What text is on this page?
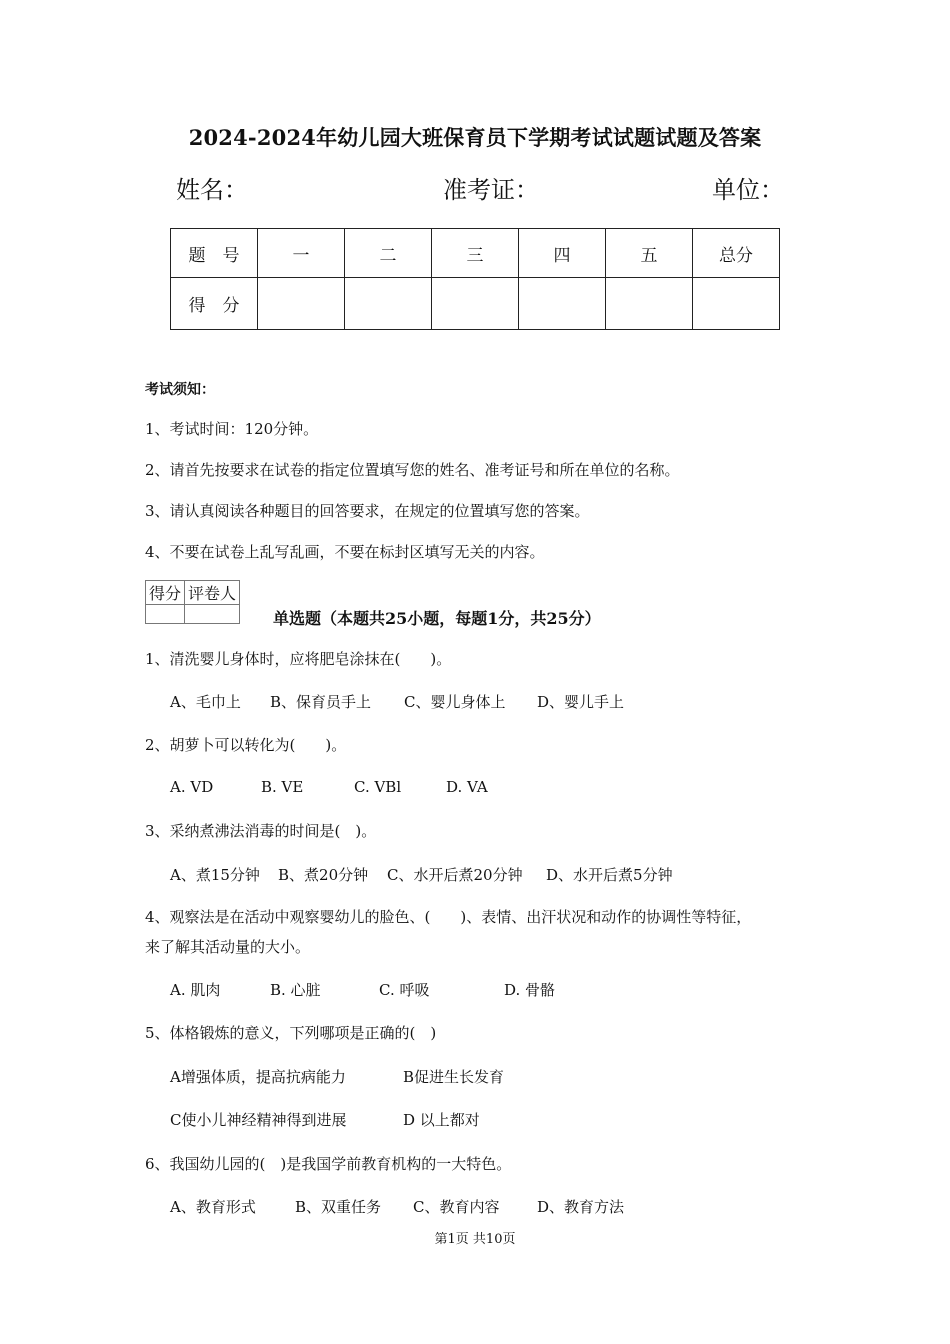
2024-2024年幼儿园大班保育员下学期考试试题试题及答案
姓名：	准考证：	单位：
题　号	一	二	三	四	五	总分
得　分						
考试须知：
1、考试时间：120分钟。
2、请首先按要求在试卷的指定位置填写您的姓名、准考证号和所在单位的名称。
3、请认真阅读各种题目的回答要求，在规定的位置填写您的答案。
4、不要在试卷上乱写乱画，不要在标封区填写无关的内容。
得分	评卷人

单选题（本题共25小题，每题1分，共25分）
1、清洗婴儿身体时，应将肥皂涂抹在(　　)。
A、毛巾上 B、保育员手上 C、婴儿身体上 D、婴儿手上
2、胡萝卜可以转化为(　　)。
A. VD	B. VE	C. VBl	D. VA
3、采纳煮沸法消毒的时间是(　)。
A、煮15分钟 B、煮20分钟 C、水开后煮20分钟 D、水开后煮5分钟
4、观察法是在活动中观察婴幼儿的脸色、(　　)、表情、出汗状况和动作的协调性等特征，
来了解其活动量的大小。
A. 肌肉	B. 心脏	C. 呼吸	D. 骨骼
5、体格锻炼的意义，下列哪项是正确的(　)
A增强体质，提高抗病能力	B促进生长发育
C使小儿神经精神得到进展	D 以上都对
6、我国幼儿园的(　)是我国学前教育机构的一大特色。
A、教育形式	B、双重任务 C、教育内容	D、教育方法
第1页 共10页
